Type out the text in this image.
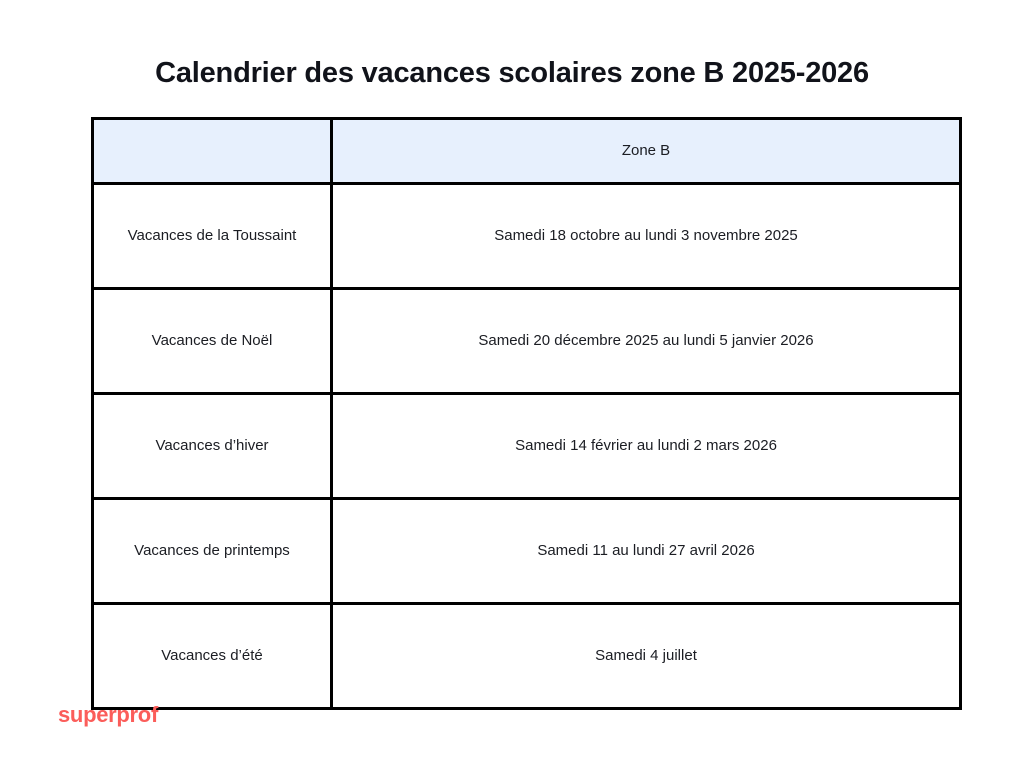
Calendrier des vacances scolaires zone B 2025-2026
	Zone B
Vacances de la Toussaint	Samedi 18 octobre au lundi 3 novembre 2025
Vacances de Noël	Samedi 20 décembre 2025 au lundi 5 janvier 2026
Vacances d’hiver	Samedi 14 février au lundi 2 mars 2026
Vacances de printemps	Samedi 11 au lundi 27 avril 2026
Vacances d’été	Samedi 4 juillet
superprof
